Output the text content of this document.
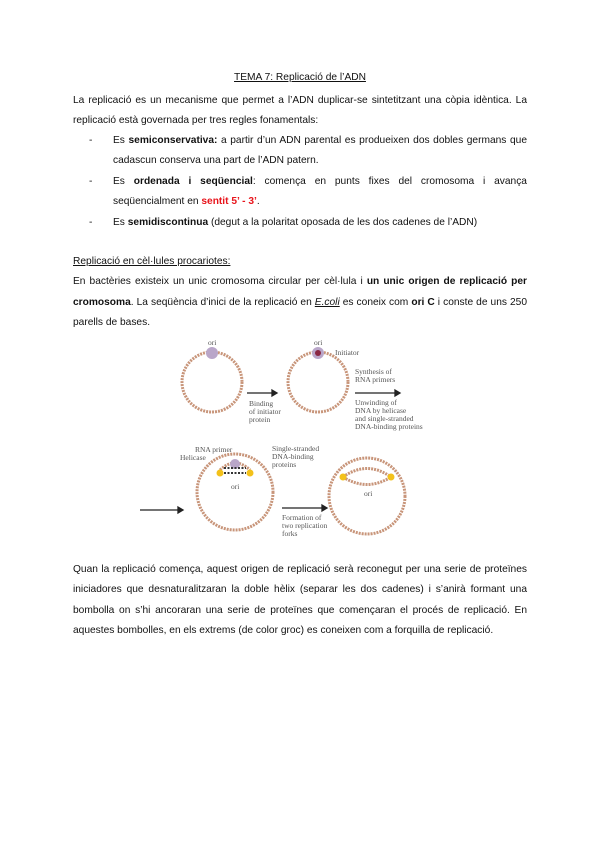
TEMA 7: Replicació de l’ADN
La replicació es un mecanisme que permet a l’ADN duplicar-se sintetitzant una còpia idèntica. La replicació està governada per tres regles fonamentals:
- Es semiconservativa: a partir d’un ADN parental es produeixen dos dobles germans que cadascun conserva una part de l’ADN patern.
- Es ordenada i seqüencial: comença en punts fixes del cromosoma i avança seqüencialment en sentit 5’ - 3’.
- Es semidiscontinua (degut a la polaritat oposada de les dos cadenes de l’ADN)
Replicació en cèl·lules procariotes:
En bactèries existeix un unic cromosoma circular per cèl·lula i un unic origen de replicació per cromosoma. La seqüència d’inici de la replicació en E.coli es coneix com ori C i conste de uns 250 parells de bases.
ori	ori
Initiator
Binding
of initiator
protein
Synthesis of
RNA primers
Unwinding of
DNA by helicase
and single-stranded
DNA-binding proteins
RNA primer
Helicase
Single-stranded
DNA-binding
proteins
ori
ori
Formation of
two replication
forks
Quan la replicació comença, aquest origen de replicació serà reconegut per una serie de proteïnes iniciadores que desnaturalitzaran la doble hèlix (separar les dos cadenes) i s’anirà formant una bombolla on s’hi ancoraran una serie de proteïnes que començaran el procés de replicació. En aquestes bombolles, en els extrems (de color groc) es coneixen com a forquilla de replicació.
